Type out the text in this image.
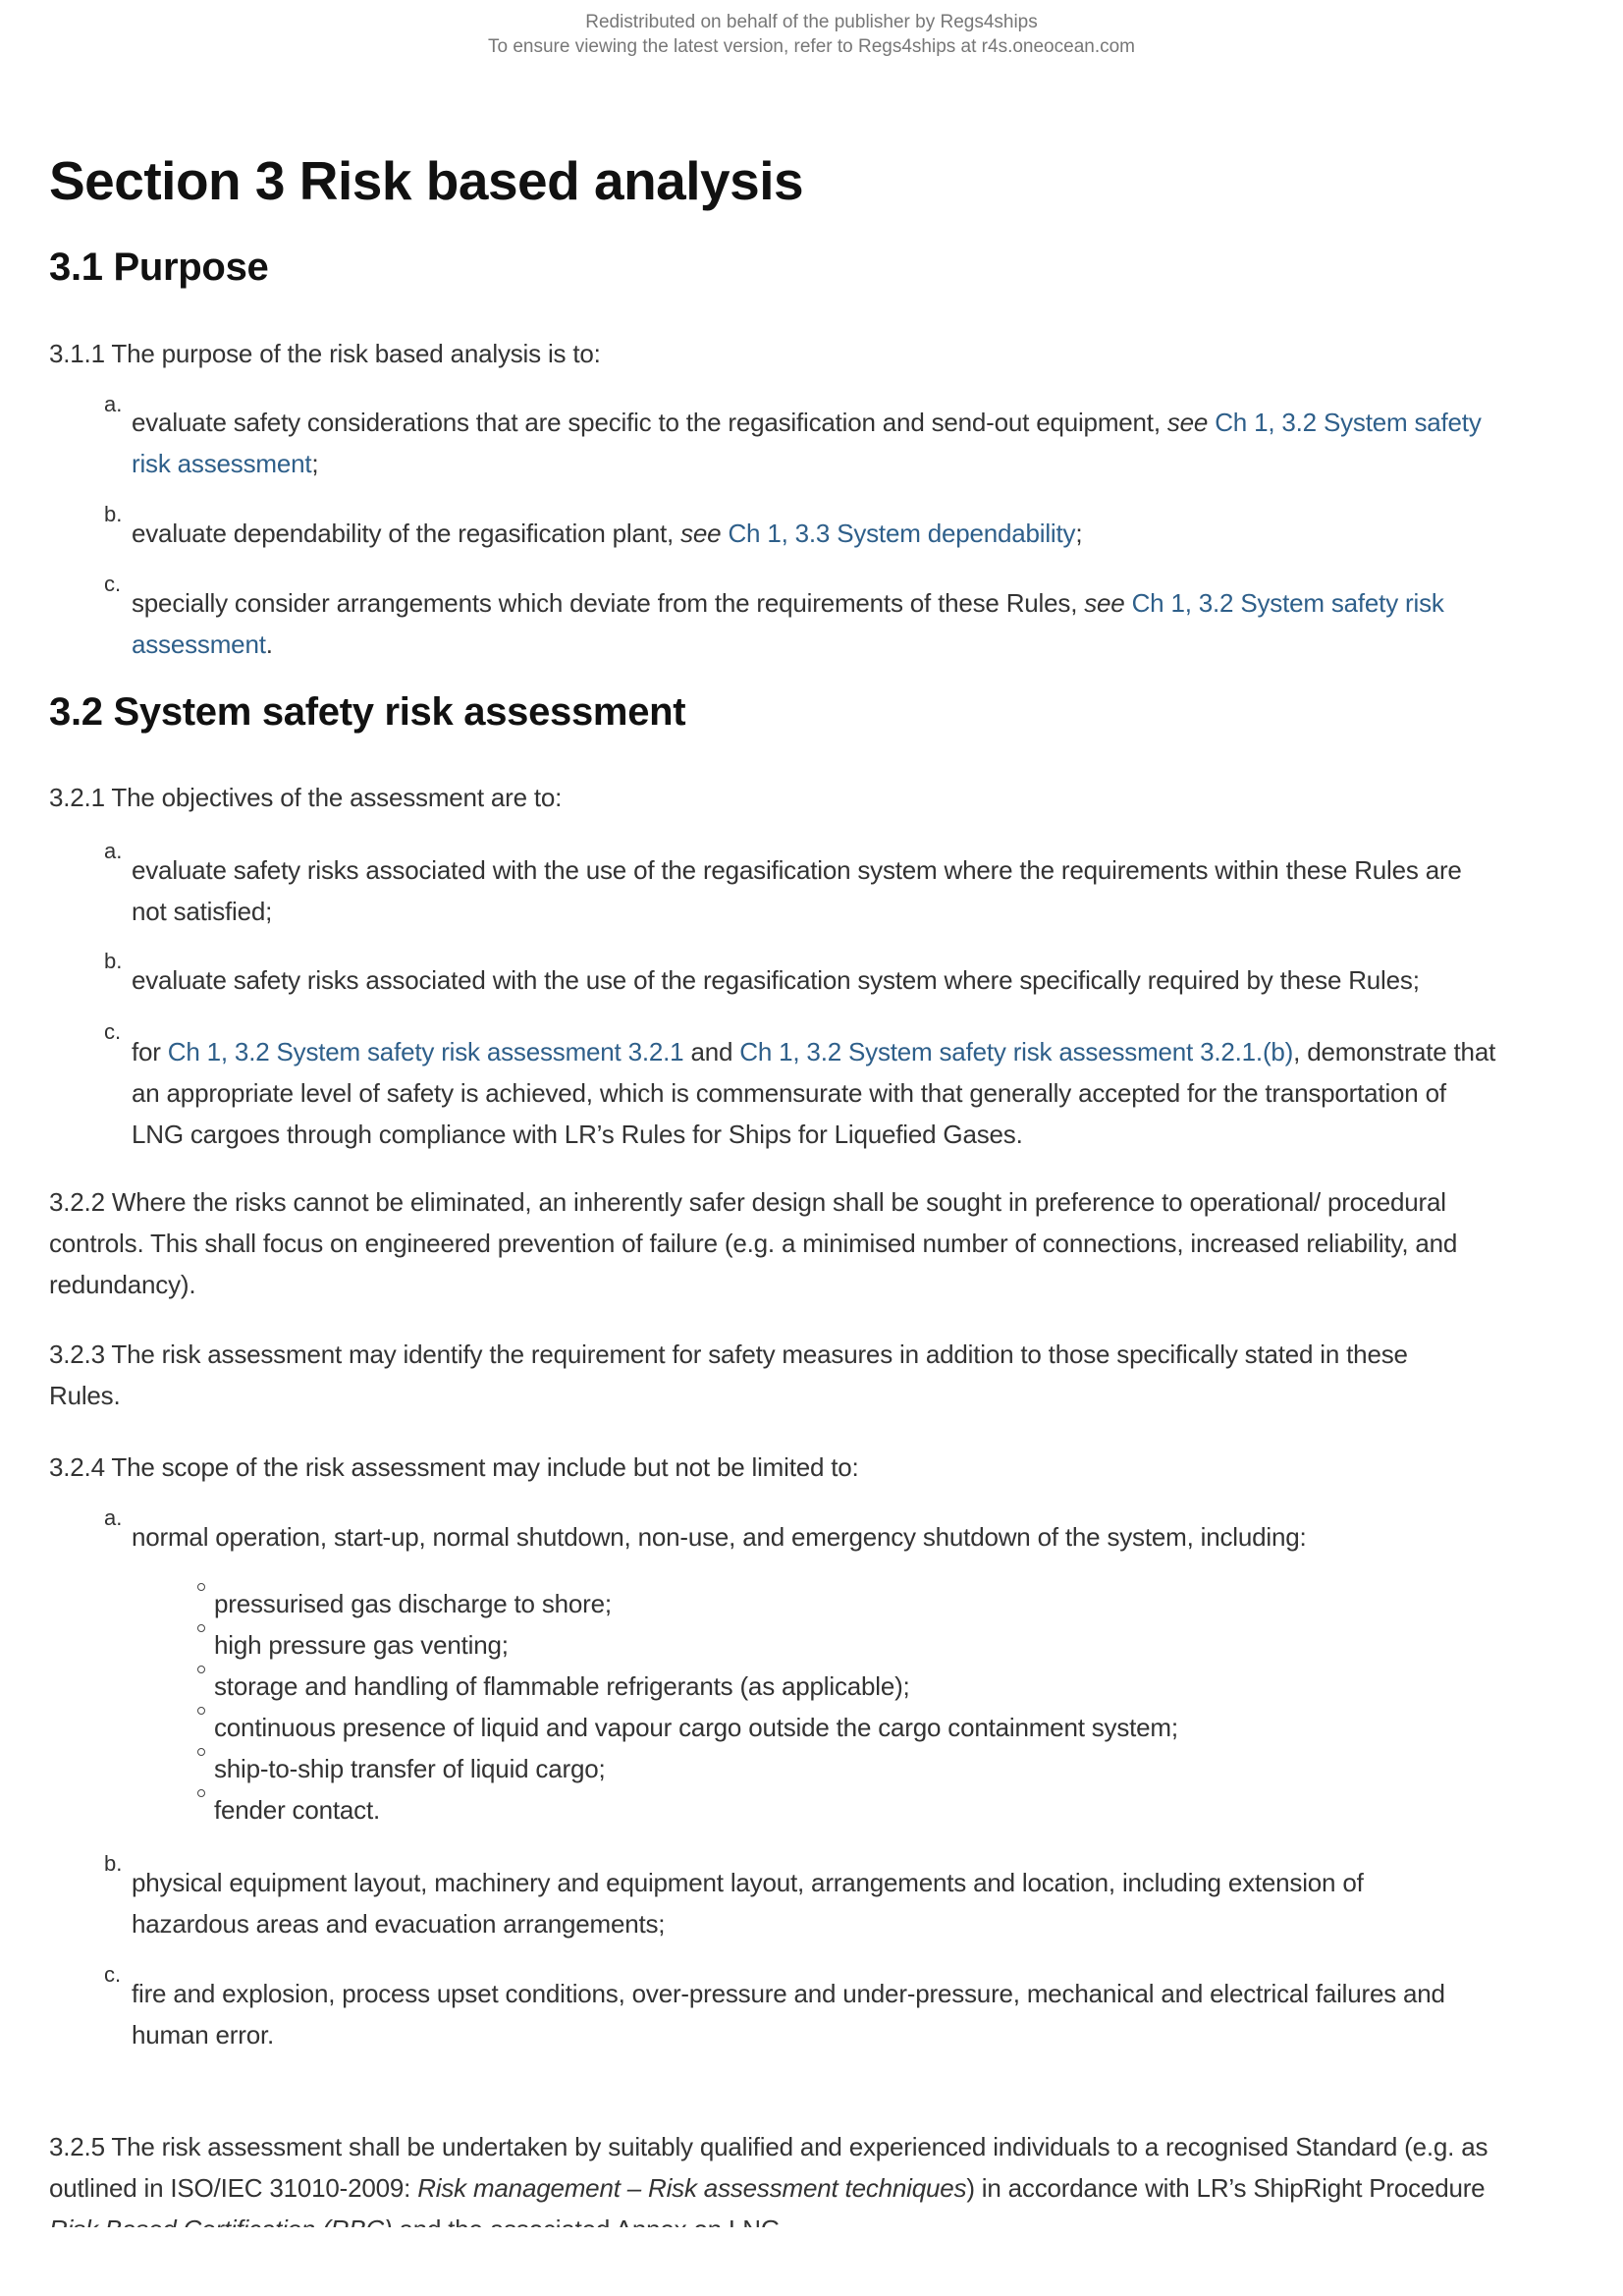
Redistributed on behalf of the publisher by Regs4ships
To ensure viewing the latest version, refer to Regs4ships at r4s.oneocean.com
Section 3 Risk based analysis
3.1 Purpose
3.1.1 The purpose of the risk based analysis is to:
a.
evaluate safety considerations that are specific to the regasification and send-out equipment, see Ch 1, 3.2 System safety
risk assessment;
b.
evaluate dependability of the regasification plant, see Ch 1, 3.3 System dependability;
c.
specially consider arrangements which deviate from the requirements of these Rules, see Ch 1, 3.2 System safety risk
assessment.
3.2 System safety risk assessment
3.2.1 The objectives of the assessment are to:
a.
evaluate safety risks associated with the use of the regasification system where the requirements within these Rules are
not satisfied;
b.
evaluate safety risks associated with the use of the regasification system where specifically required by these Rules;
c.
for Ch 1, 3.2 System safety risk assessment 3.2.1 and Ch 1, 3.2 System safety risk assessment 3.2.1.(b), demonstrate that
an appropriate level of safety is achieved, which is commensurate with that generally accepted for the transportation of
LNG cargoes through compliance with LR’s Rules for Ships for Liquefied Gases.
3.2.2 Where the risks cannot be eliminated, an inherently safer design shall be sought in preference to operational/ procedural
controls. This shall focus on engineered prevention of failure (e.g. a minimised number of connections, increased reliability, and
redundancy).
3.2.3 The risk assessment may identify the requirement for safety measures in addition to those specifically stated in these
Rules.
3.2.4 The scope of the risk assessment may include but not be limited to:
a.
normal operation, start-up, normal shutdown, non-use, and emergency shutdown of the system, including:
pressurised gas discharge to shore;
high pressure gas venting;
storage and handling of flammable refrigerants (as applicable);
continuous presence of liquid and vapour cargo outside the cargo containment system;
ship-to-ship transfer of liquid cargo;
fender contact.
b.
physical equipment layout, machinery and equipment layout, arrangements and location, including extension of
hazardous areas and evacuation arrangements;
c.
fire and explosion, process upset conditions, over-pressure and under-pressure, mechanical and electrical failures and
human error.
3.2.5 The risk assessment shall be undertaken by suitably qualified and experienced individuals to a recognised Standard (e.g. as
outlined in ISO/IEC 31010-2009: Risk management – Risk assessment techniques) in accordance with LR’s ShipRight Procedure
